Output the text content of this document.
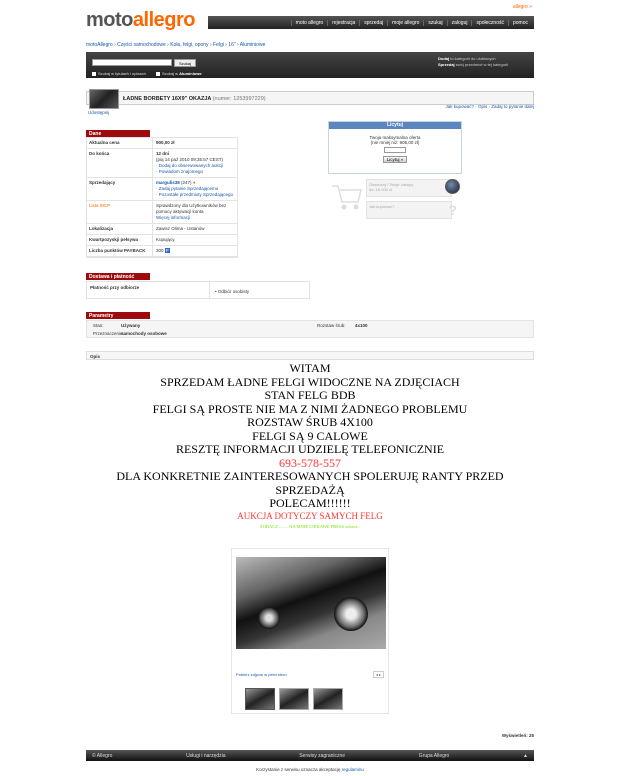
motoallegro
allegro »
moto allegro	rejestracja	sprzedaj	moje allegro	szukaj	zaloguj	społeczność	pomoc
motoAllegro › Części samochodowe › Koła, felgi, opony › Felgi › 16" › Aluminiowe
Szukaj
Szukaj w tytułach i opisach	Szukaj w Aluminiowe
Dodaj to kategorii do ulubionych
Sprzedaj swój przedmiot w tej kategorii
ŁADNE BORBETY 16X9" OKAZJA (numer: 1253997229)
Jak kupować? · Opis · Zadaj to pytanie dalej
Udostępnij
Dane
Aktualna cena	900,00 zł
Do końca	12 dni
(pią 14 paź 2010 09:35:57 CEST)
· Dodaj do obserwowanych aukcji
· Powiadom znajomego
Sprzedający	margulis38 (247) ●
· Zadaj pytanie Sprzedającemu
· Pozostałe przedmioty Sprzedającego
Lista WCP	Sprawdzony dla Użytkowników bez pomocy aktywacji konta
Więcej informacji
Lokalizacja	Zawisz Olima - Ustanów
Kwartpozyskji pełsywa	Kupujący
Liczba punktów PAYBACK	300 P
Licytuj
Twoja maksymalna oferta
(nie mniej niż: 905,00 zł)
Licytuj »
Obserwuj / Twoje zakupy
do: 18 000 zł
Jak kupować?	?
Dostawa i płatność
Płatność przy odbiorze
• Odbiór osobisty
Parametry
Stan:	Używany	Rozstaw śrub: 4x100
Przeznaczenie:
samochody osobowe
Opis
WITAM
SPRZEDAM ŁADNE FELGI WIDOCZNE NA ZDJĘCIACH
STAN FELG BDB
FELGI SĄ PROSTE NIE MA Z NIMI ŻADNEGO PROBLEMU
ROZSTAW ŚRUB 4X100
FELGI SĄ 9 CALOWE
RESZTĘ INFORMACJI UDZIELĘ TELEFONICZNIE
693-578-557
DLA KONKRETNIE ZAINTERESOWANYCH SPOLERUJĘ RANTY PRZED SPRZEDAŻĄ
POLECAM!!!!!!
AUKCJA DOTYCZY SAMYCH FELG
ZOBACZ ........ NA MNIE CIEKAWE PRESS zobacz..
Pobierz zdjęcie w pełni stron	◂ ▸
Wyświetleń: 25
© Allegro	Usługi i narzędzia	Serwisy zagraniczne	Grupa Allegro	▲
Korzystanie z serwisu oznacza akceptację regulaminu
